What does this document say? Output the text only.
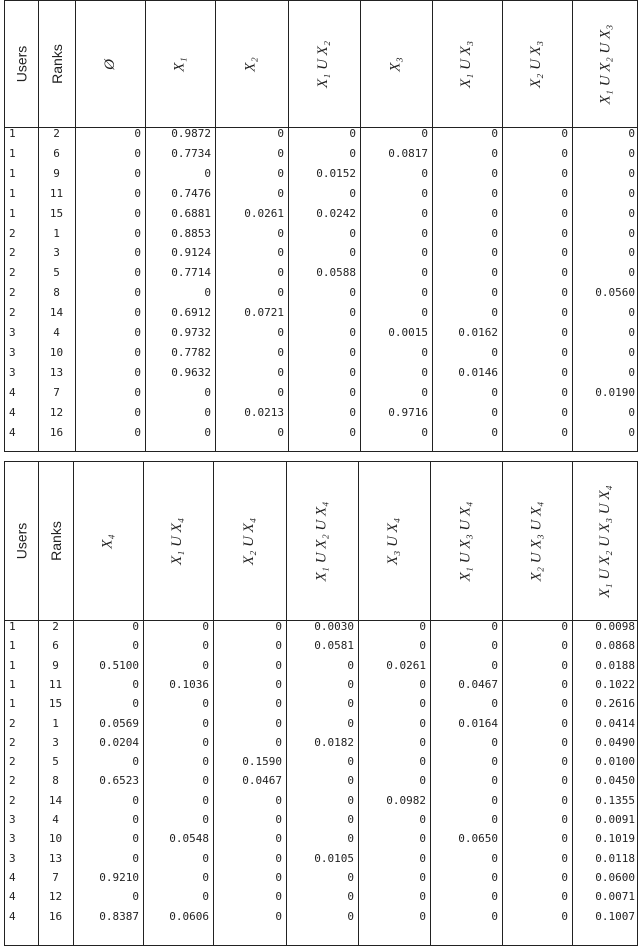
Users Ranks Ø	X₁	X₂	X₁ U X₂	X₃	X₁ U X₃	X₂ U X₃	X₁ U X₂ U X₃
1	2	0	0.9872	0	0	0	0	0	0
1	6	0	0.7734	0	0	0.0817	0	0	0
1	9	0	0	0	0.0152	0	0	0	0
1	11	0	0.7476	0	0	0	0	0	0
1	15	0	0.6881	0.0261	0.0242	0	0	0	0
2	1	0	0.8853	0	0	0	0	0	0
2	3	0	0.9124	0	0	0	0	0	0
2	5	0	0.7714	0	0.0588	0	0	0	0
2	8	0	0	0	0	0	0	0	0.0560
2	14	0	0.6912	0.0721	0	0	0	0	0
3	4	0	0.9732	0	0	0.0015	0.0162	0	0
3	10	0	0.7782	0	0	0	0	0	0
3	13	0	0.9632	0	0	0	0.0146	0	0
4	7	0	0	0	0	0	0	0	0.0190
4	12	0	0	0.0213	0	0.9716	0	0	0
4	16	0	0	0	0	0	0	0	0
Users Ranks X₄	X₁ U X₄	X₂ U X₄	X₁ U X₂ U X₄	X₃ U X₄	X₁ U X₃ U X₄	X₂ U X₃ U X₄	X₁ U X₂ U X₃ U X₄
1	2	0	0	0	0.0030	0	0	0	0.0098
1	6	0	0	0	0.0581	0	0	0	0.0868
1	9	0.5100	0	0	0	0.0261	0	0	0.0188
1	11	0	0.1036	0	0	0	0.0467	0	0.1022
1	15	0	0	0	0	0	0	0	0.2616
2	1	0.0569	0	0	0	0	0.0164	0	0.0414
2	3	0.0204	0	0	0.0182	0	0	0	0.0490
2	5	0	0	0.1590	0	0	0	0	0.0100
2	8	0.6523	0	0.0467	0	0	0	0	0.0450
2	14	0	0	0	0	0.0982	0	0	0.1355
3	4	0	0	0	0	0	0	0	0.0091
3	10	0	0.0548	0	0	0	0.0650	0	0.1019
3	13	0	0	0	0.0105	0	0	0	0.0118
4	7	0.9210	0	0	0	0	0	0	0.0600
4	12	0	0	0	0	0	0	0	0.0071
4	16	0.8387	0.0606	0	0	0	0	0	0.1007
